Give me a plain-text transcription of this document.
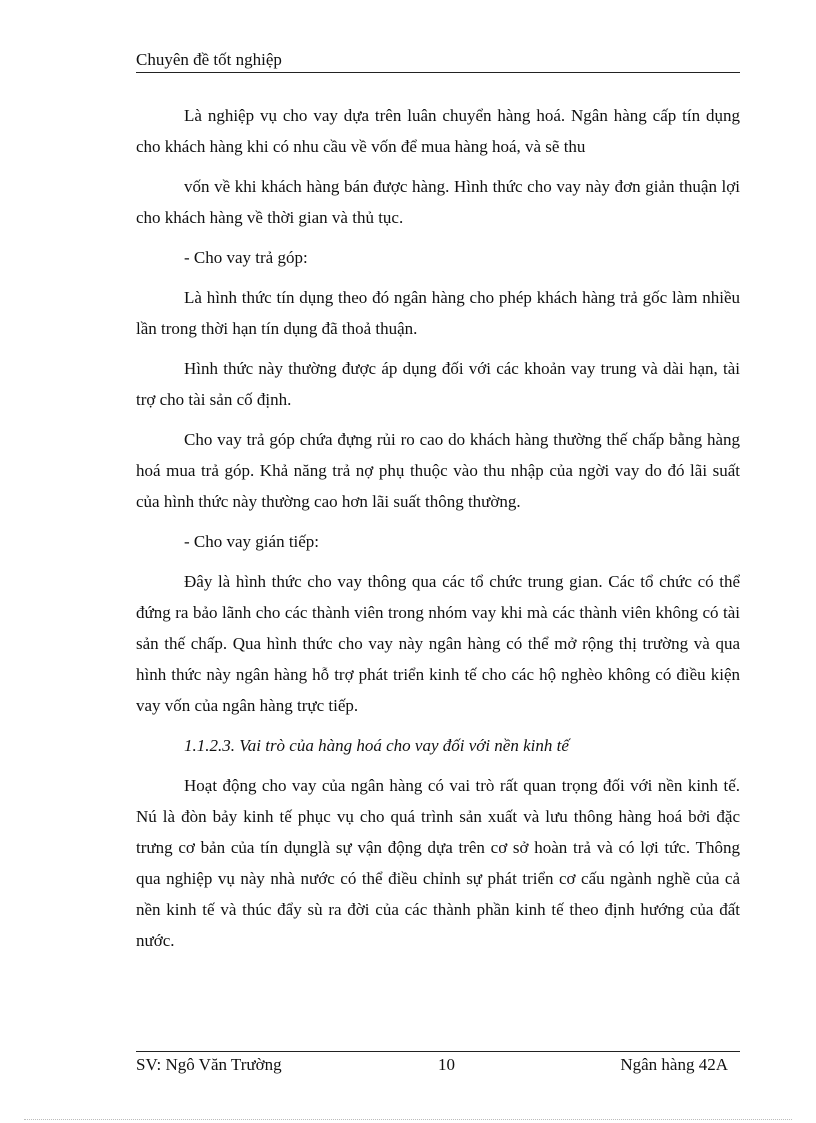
Chuyên đề tốt nghiệp

Là nghiệp vụ cho vay dựa trên luân chuyển hàng hoá. Ngân hàng cấp tín dụng cho khách hàng khi có nhu cầu về vốn để mua hàng hoá, và sẽ thu

vốn về khi khách hàng bán được hàng. Hình thức cho vay này đơn giản thuận lợi cho khách hàng về thời gian và thủ tục.

- Cho vay trả góp:

Là hình thức tín dụng theo đó ngân hàng cho phép khách hàng trả gốc làm nhiều lần trong thời hạn tín dụng đã thoả thuận.

Hình thức này thường được áp dụng đối với các khoản vay trung và dài hạn, tài trợ cho tài sản cố định.

Cho vay trả góp chứa đựng rủi ro cao do khách hàng thường thế chấp bằng hàng hoá mua trả góp. Khả năng trả nợ phụ thuộc vào thu nhập của ngời vay do đó lãi suất của hình thức này thường cao hơn lãi suất thông thường.

- Cho vay gián tiếp:

Đây là hình thức cho vay thông qua các tổ chức trung gian. Các tổ chức có thể đứng ra bảo lãnh cho các thành viên trong nhóm vay khi mà các thành viên không có tài sản thế chấp. Qua hình thức cho vay này ngân hàng có thể mở rộng thị trường và qua hình thức này ngân hàng hỗ trợ phát triển kinh tế cho các hộ nghèo không có điều kiện vay vốn của ngân hàng trực tiếp.

1.1.2.3. Vai trò của hàng hoá cho vay đối với nền kinh tế

Hoạt động cho vay của ngân hàng có vai trò rất quan trọng đối với nền kinh tế. Nú là đòn bảy kinh tế phục vụ cho quá trình sản xuất và lưu thông hàng hoá bởi đặc trưng cơ bản của tín dụnglà sự vận động dựa trên cơ sở hoàn trả và có lợi tức. Thông qua nghiệp vụ này nhà nước có thể điều chỉnh sự phát triển cơ cấu ngành nghề của cả nền kinh tế và thúc đẩy sù ra đời của các thành phần kinh tế theo định hướng của đất nước.

SV: Ngô Văn Trường	10	Ngân hàng 42A
